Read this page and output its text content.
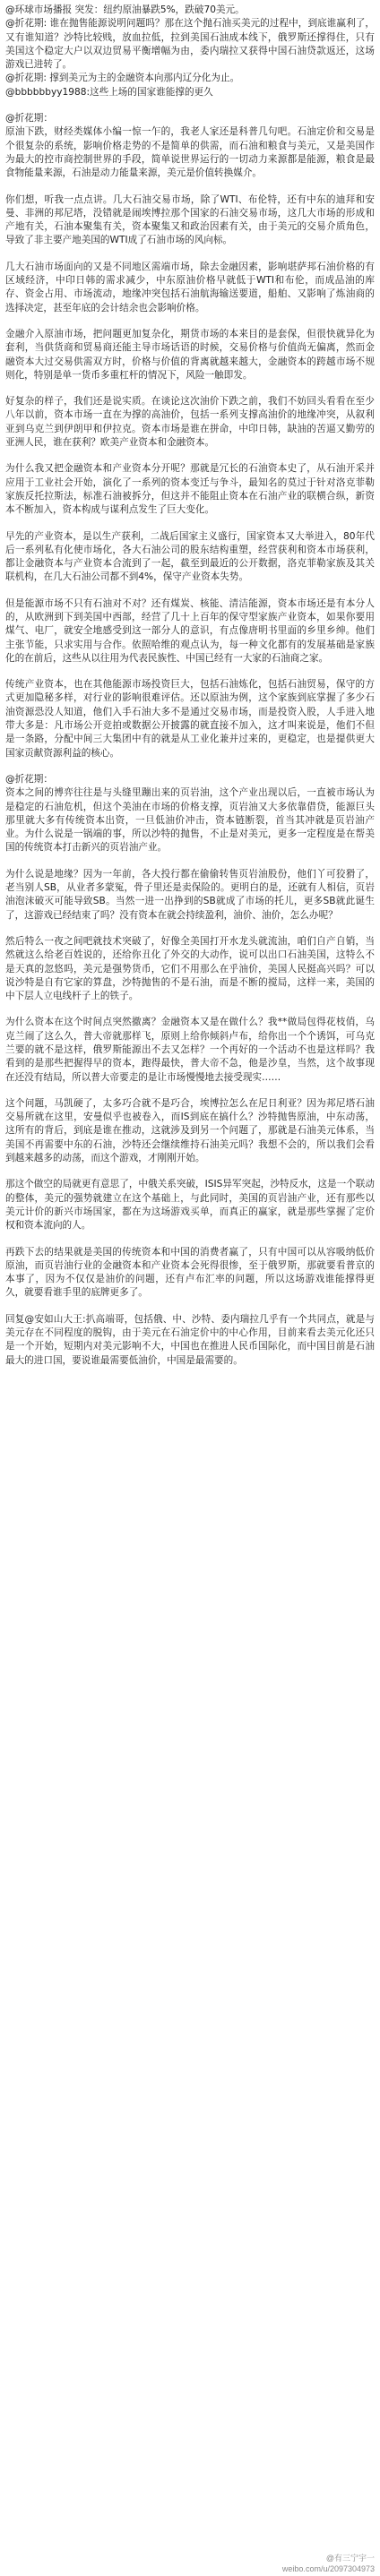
@环球市场播报 突发：纽约原油暴跌5%，跌破70美元。

@折花期: 谁在抛售能源说明问题吗？那在这个抛石油买美元的过程中，到底谁赢利了，又有谁知道？沙特比较贱，放血拉低，拉到美国石油成本线下，俄罗斯还撑得住，只有美国这个稳定大户以双边贸易平衡增幅为由，委内瑞拉又获得中国石油贷款返还，这场游戏已进转了。

@折花期: 撑到美元为主的金融资本向那内辽分化为止。

@bbbbbbyy1988:这些上场的国家谁能撑的更久

@折花期：

原油下跌，财经类媒体小编一惊一乍的，我老人家还是科普几句吧。石油定价和交易是个很复杂的系统，影响价格走势的不是简单的供需，而石油和粮食与美元，又是美国作为最大的控市商控制世界的手段，简单说世界运行的一切动力来源都是能源，粮食是最食物能量来源，石油是动力能量来源，美元是价值转换媒介。

你们想，听我一点点讲。几大石油交易市场，除了WTI、布伦特，还有中东的迪拜和安曼、非洲的邦尼塔，没错就是闹埃博拉那个国家的石油交易市场，这几大市场的形成和产地有关，石油本聚集有关，资本聚集又和政治因素有关，由于美元的交易介质角色，导致了非主要产地美国的WTI成了石油市场的风向标。

几大石油市场面向的又是不同地区需端市场，除去金融因素，影响堪萨邦石油价格的有区域经济，中印日韩的需求减少，中东原油价格早就低于WTI和布伦，而成品油的库存、资金占用、市场流动，地缘冲突包括石油航海输送要道，船舶、又影响了炼油商的选择决定，甚至年底的会计结余也会影响价格。

金融介入原油市场，把问题更加复杂化，期货市场的本来目的是套保，但很快就异化为套利，当供货商和贸易商还能主导市场话语的时候，交易价格与价值尚无偏离，然而金融资本大过交易供需双方时，价格与价值的背离就越来越大，金融资本的跨越市场不规则化，特别是单一货币多重杠杆的情况下，风险一触即发。

好复杂的样子，我们还是说实质。在谈论这次油价下跌之前，我们不妨回头看看在至少八年以前，资本市场一直在为撑的高油价，包括一系列支撑高油价的地缘冲突，从叙利亚到乌克兰到伊朗甲和伊拉克。资本市场是谁在拼命，中印日韩，缺油的苦逼又勤劳的亚洲人民，谁在获利？欧美产业资本和金融资本。

为什么我又把金融资本和产业资本分开呢？那就是冗长的石油资本史了，从石油开采并应用于工业社会开始，演化了一系列的资本变迁与争斗，最知名的莫过于针对洛克菲勒家族反托拉斯法，标准石油被拆分，但这并不能阻止资本在石油产业的联横合纵，新资本不断加入，资本构成与谋利点发生了巨大变化。

早先的产业资本，是以生产获利，二战后国家主义盛行，国家资本又大举进入，80年代后一系列私有化使市场化，各大石油公司的股东结构重塑，经营获利和资本市场获利，都让金融资本与产业资本合流到了一起，截至到最近的公开数据，洛克菲勒家族及其关联机构，在几大石油公司都不到4%，保守产业资本失势。

但是能源市场不只有石油对不对？还有煤炭、核能、清洁能源，资本市场还是有本分人的，从欧洲到下到美国中西部，经营了几十上百年的保守型家族产业资本，如果你要用煤气、电厂，就安全地感受到这一部分人的意识，有点像唐明书里面的乡里乡绅。他们主张节能，只求实用与合作。依照哈维的观点认为，每一种文化都有的发展基础是家族化的在前后，这些从以往用为代表民族性、中国已经有一大家的石油商之家。

传统产业资本，也在其他能源市场投资巨大，包括石油炼化，包括石油贸易，保守的方式更加隐秘多样，对行业的影响很难评估。还以原油为例，这个家族到底掌握了多少石油资源恐没人知道，他们入手石油大多不是通过交易市场，而是投资入股，人手进入地带大多是：凡市场公开竞拍或数据公开披露的就直接不加入，这才叫来说是，他们不但是一条路，分配中间三大集团中有的就是从工业化兼并过来的，更稳定，也是提供更大国家贡献资源利益的核心。

@折花期：

资本之间的博弈往往是与头缝里蹦出来的页岩油，这个产业出现以后，一直被市场认为是稳定的石油危机，但这个美油在市场的价格支撑，页岩油又大多依靠借贷，能源巨头那里就大多有传统资本出资，一旦低油价冲击，资本链断裂，首当其冲就是页岩油产业。为什么说是一锅端的事，所以沙特的抛售，不止是对美元，更多一定程度是在帮美国的传统资本打击新兴的页岩油产业。

为什么说是地缘？因为一年前，各大投行都在偷偷转售页岩油股份，他们丫可狡猾了，老当别人SB，从业者多蒙冤，骨子里还是卖保险的。更明白的是，还就有人相信，页岩油泡沫破灭可能导致SB。当然一进一出挣到的SB就成了市场的托儿，更多SB就此诞生了，这游戏已经结束了吗？没有资本在就会持续盈利，油价、油价，怎么办呢？

然后特么一夜之间吧就技术突破了，好像全美国打开水龙头就流油，咱们自产自销，当然就这么给老百姓说的，还给你丑化了外交的大动作，说可以出口石油美国，这特么不是天真的忽悠吗，美元是强势货币，它们不用那么在乎油价，美国人民挺高兴吗？可以说沙特是自有它家的算盘，沙特抛售的不是石油，而是不断的搅局，这样一来，美国的中下层人立电线杆子上的铁子。

为什么资本在这个时间点突然撤离？金融资本又是在做什么？我**做局包得花枝俏，乌克兰闹了这么久，普大帝就那样飞，原则上给你倾斜卢布，给你出一个个诱饵，可乌克兰要的就不是这样，俄罗斯能源出不去又怎样？一个再好的一个活动不也是这样吗？我看到的是那些把握得早的资本，跑得最快，普大帝不急，他是沙皇，当然，这个故事现在还没有结局，所以普大帝要走的是让市场慢慢地去接受现实……

这个问题，马凯硬了，太多巧合就不是巧合，埃博拉怎么在尼日利亚？因为邦尼塔石油交易所就在这里，安曼似乎也被卷入，而IS到底在搞什么？沙特抛售原油，中东动荡，这所有的背后，到底是谁在推动，这就涉及到另一个问题了，那就是石油美元体系，当美国不再需要中东的石油，沙特还会继续维持石油美元吗？我想不会的，所以我们会看到越来越多的动荡，而这个游戏，才刚刚开始。

那这个做空的局就更有意思了，中俄关系突破，ISIS异军突起，沙特反水，这是一个联动的整体，美元的强势就建立在这个基础上，与此同时，美国的页岩油产业，还有那些以美元计价的新兴市场国家，都在为这场游戏买单，而真正的赢家，就是那些掌握了定价权和资本流向的人。

再跌下去的结果就是美国的传统资本和中国的消费者赢了，只有中国可以从容吸纳低价原油，而页岩油行业的金融资本和产业资本会死得很惨，至于俄罗斯，那就要看普京的本事了，因为不仅仅是油价的问题，还有卢布汇率的问题，所以这场游戏谁能撑得更久，就要看谁手里的底牌更多了。

回复@安如山大王:扒高端哥，包括俄、中、沙特、委内瑞拉几乎有一个共同点，就是与美元存在不同程度的脱钩，由于美元在石油定价中的中心作用，目前来看去美元化还只是一个开始，短期内对美元影响不大，中国也在推进人民币国际化，而中国目前是石油最大的进口国，要说谁最需要低油价，中国是最需要的。

@有三宁宇一
weibo.com/u/2097304973
